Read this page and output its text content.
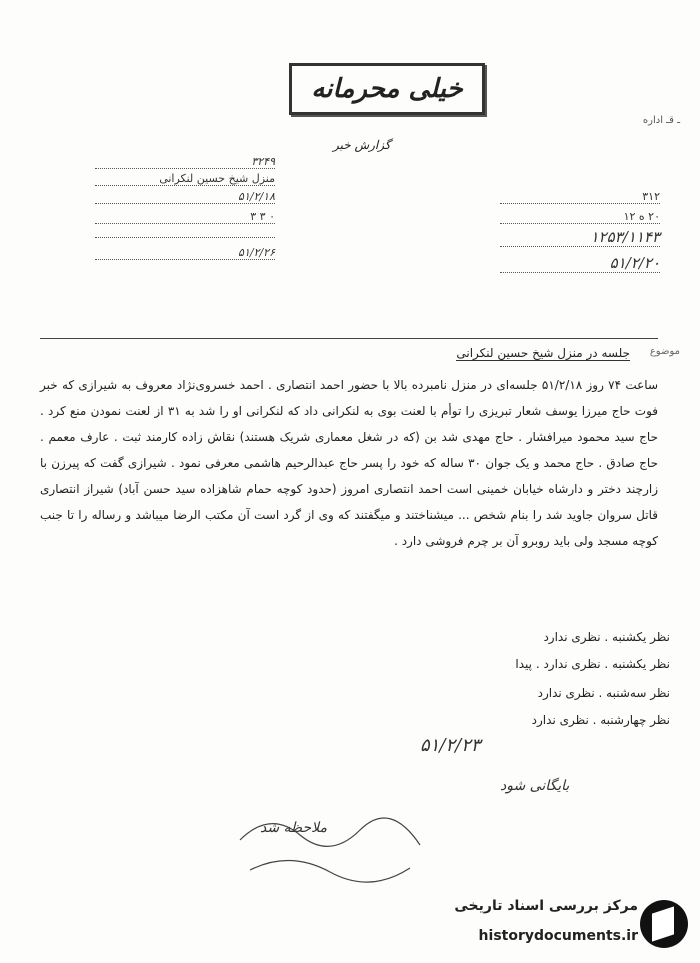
خیلی محرمانه
ـ قـ اداره
گزارش خبر
۳۲۴۹
منزل شیخ حسین لنکرانی
۵۱/۲/۱۸
۰ ۳ ۳
۵۱/۲/۲۶
۳۱۲
۲۰ ه ۱۲
۱۲۵۳/۱۱۴۳
۵۱/۲/۲۰
موضوع
جلسه در منزل شیخ حسین لنکرانی
ساعت ۷۴ روز ۵۱/۲/۱۸ جلسه‌ای در منزل نامبرده بالا با حضور احمد انتصاری . احمد خسروی‌نژاد معروف به شیرازی که خبر فوت حاج میرزا یوسف شعار تبریزی را توأم با لعنت بوی به لنکرانی داد که لنکرانی او را شد به ۳۱ از لعنت نمودن منع کرد . حاج سید محمود میرافشار . حاج مهدی شد بن (که در شغل معماری شریک هستند) نقاش زاده کارمند ثبت . عارف معمم . حاج صادق . حاج محمد و یک جوان ۳۰ ساله که خود را پسر حاج عبدالرحیم هاشمی معرفی نمود . شیرازی گفت که پیرزن با زارچند دختر و دارشاه خیابان خمینی است احمد انتصاری امروز (حدود کوچه حمام شاهزاده سید حسن آباد) شیراز انتصاری قاتل سروان جاوید شد را بنام شخص ... میشناختند و میگفتند که وی از گرد است آن مکتب الرضا میباشد و رساله را تا جنب کوچه مسجد ولی باید روبرو آن بر چرم فروشی دارد .
نظر یکشنبه . نظری ندارد
نظر یکشنبه . نظری ندارد . پیدا
نظر سه‌شنبه . نظری ندارد
نظر چهارشنبه . نظری ندارد
۵۱/۲/۲۳
بایگانی شود
ملاحظه شد
مرکز بررسی اسناد تاریخی
historydocuments.ir
